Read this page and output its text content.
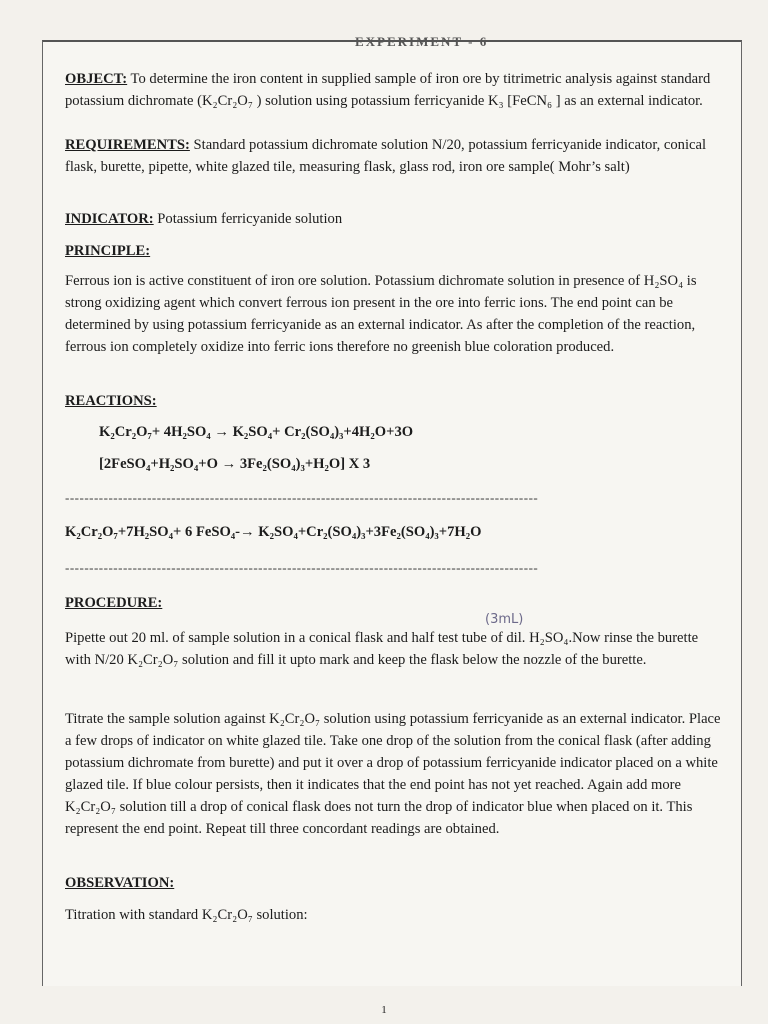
EXPERIMENT - 6

OBJECT: To determine the iron content in supplied sample of iron ore by titrimetric analysis against standard potassium dichromate (K₂Cr₂O₇ ) solution using potassium ferricyanide K₃ [FeCN₆ ] as an external indicator.

REQUIREMENTS: Standard potassium dichromate solution N/20, potassium ferricyanide indicator, conical flask, burette, pipette, white glazed tile, measuring flask, glass rod, iron ore sample( Mohr’s salt)

INDICATOR: Potassium ferricyanide solution

PRINCIPLE:

Ferrous ion is active constituent of iron ore solution. Potassium dichromate solution in presence of H₂SO₄ is strong oxidizing agent which convert ferrous ion present in the ore into ferric ions. The end point can be determined by using potassium ferricyanide as an external indicator. As after the completion of the reaction, ferrous ion completely oxidize into ferric ions therefore no greenish blue coloration produced.

REACTIONS:

K₂Cr₂O₇+ 4H₂SO₄ → K₂SO₄+ Cr₂(SO₄)₃+4H₂O+3O
[2FeSO₄+H₂SO₄+O → 3Fe₂(SO₄)₃+H₂O] X 3
--------------------------------------------------------------------------------------------------
K₂Cr₂O₇+7H₂SO₄+ 6 FeSO₄-→ K₂SO₄+Cr₂(SO₄)₃+3Fe₂(SO₄)₃+7H₂O
--------------------------------------------------------------------------------------------------

PROCEDURE:

(3mL)

Pipette out 20 ml. of sample solution in a conical flask and half test tube of dil. H₂SO₄.Now rinse the burette with N/20 K₂Cr₂O₇ solution and fill it upto mark and keep the flask below the nozzle of the burette.

Titrate the sample solution against K₂Cr₂O₇ solution using potassium ferricyanide as an external indicator. Place a few drops of indicator on white glazed tile. Take one drop of the solution from the conical flask (after adding potassium dichromate from burette) and put it over a drop of potassium ferricyanide indicator placed on a white glazed tile. If blue colour persists, then it indicates that the end point has not yet reached. Again add more K₂Cr₂O₇ solution till a drop of conical flask does not turn the drop of indicator blue when placed on it. This represent the end point. Repeat till three concordant readings are obtained.

OBSERVATION:

Titration with standard K₂Cr₂O₇ solution:

1
